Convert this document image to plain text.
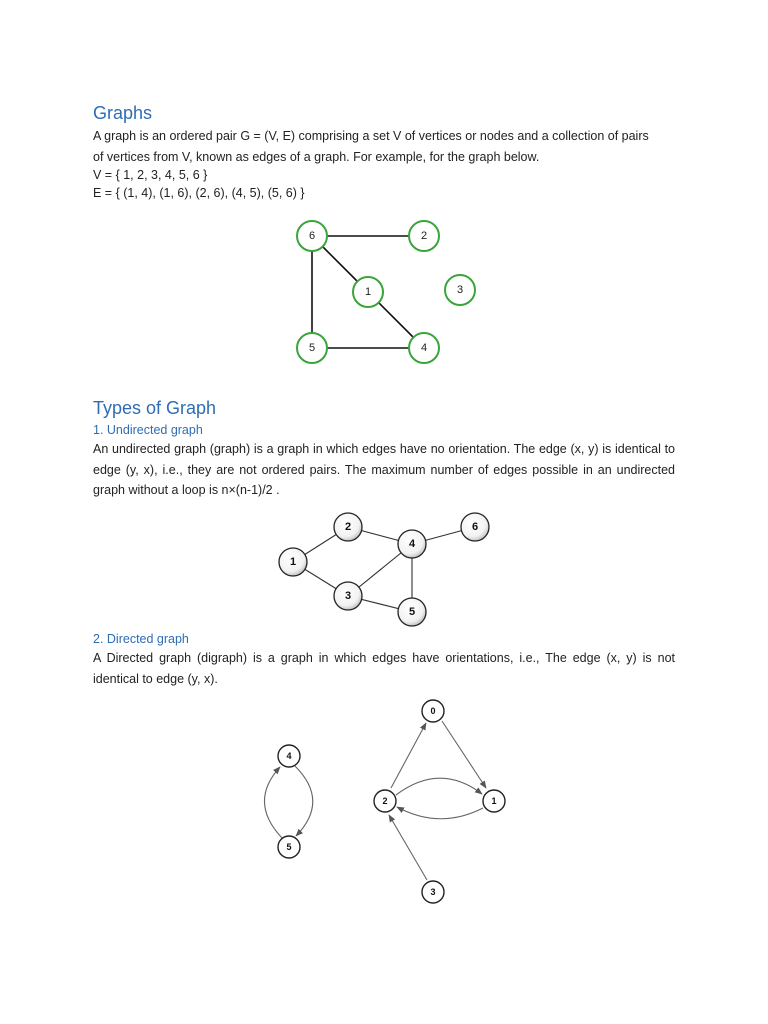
Graphs
A graph is an ordered pair G = (V, E) comprising a set V of vertices or nodes and a collection of pairs
of vertices from V, known as edges of a graph. For example, for the graph below.
V = { 1, 2, 3, 4, 5, 6 }
E = { (1, 4), (1, 6), (2, 6), (4, 5), (5, 6) }
6	2
1	3
5	4
Types of Graph
1. Undirected graph
An undirected graph (graph) is a graph in which edges have no orientation. The edge (x, y) is identical to edge (y, x), i.e., they are not ordered pairs. The maximum number of edges possible in an undirected graph without a loop is n×(n-1)/2 .
2
4
6
1
3
5
2. Directed graph
A Directed graph (digraph) is a graph in which edges have orientations, i.e., The edge (x, y) is not identical to edge (y, x).
0
4
2	1
5
3
